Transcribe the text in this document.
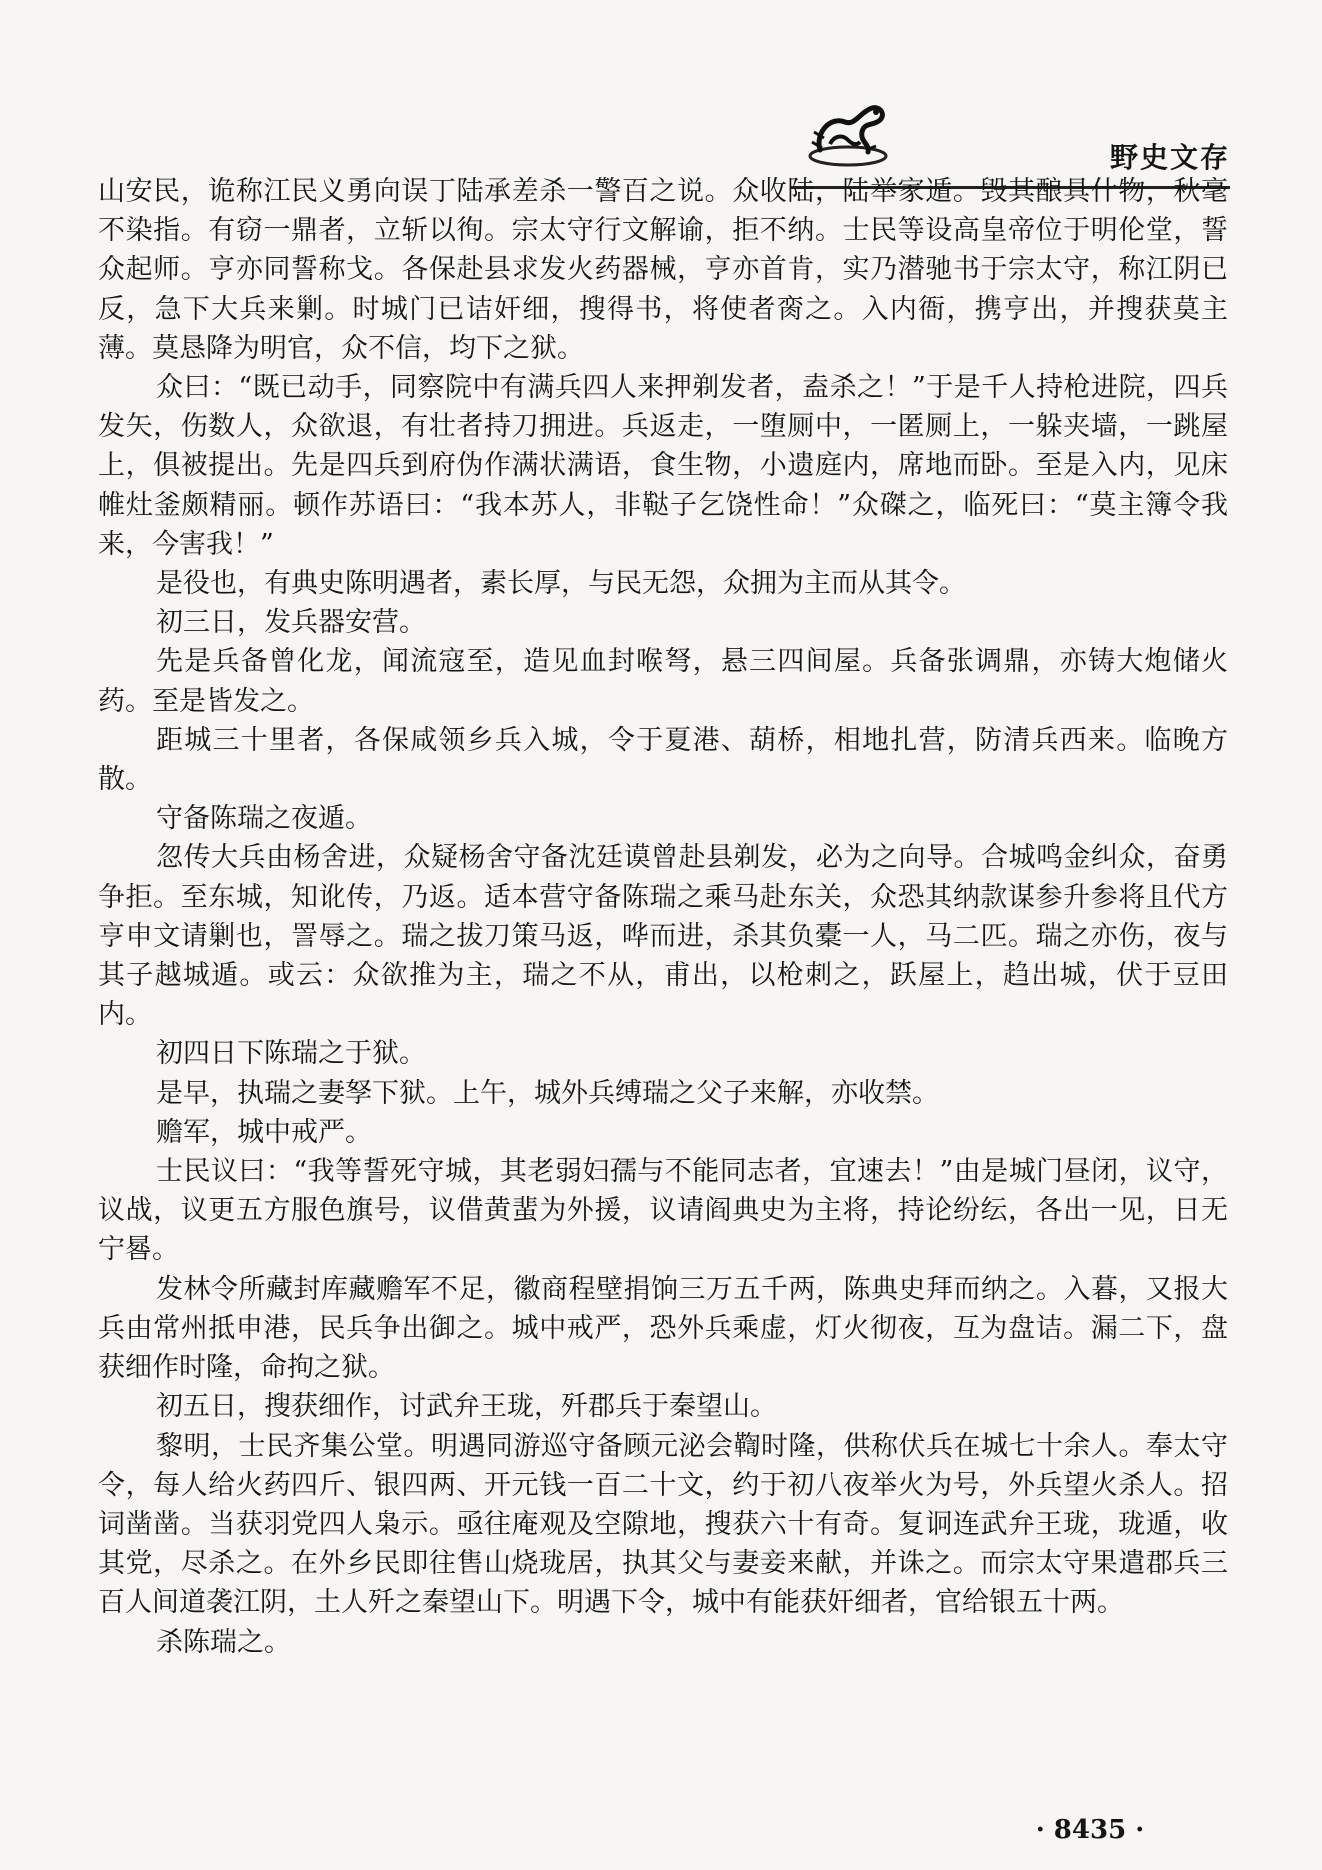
野史文存

山安民，诡称江民义勇向误丁陆承差杀一警百之说。众收陆，陆举家遁。毁其酿具什物，秋毫不染指。有窃一鼎者，立斩以徇。宗太守行文解谕，拒不纳。士民等设高皇帝位于明伦堂，誓众起师。亨亦同誓称戈。各保赴县求发火药器械，亨亦首肯，实乃潜驰书于宗太守，称江阴已反，急下大兵来剿。时城门已诘奸细，搜得书，将使者脔之。入内衙，携亨出，并搜获莫主薄。莫恳降为明官，众不信，均下之狱。

众曰：“既已动手，同察院中有满兵四人来押剃发者，盍杀之！”于是千人持枪进院，四兵发矢，伤数人，众欲退，有壮者持刀拥进。兵返走，一堕厕中，一匿厕上，一躲夹墙，一跳屋上，俱被提出。先是四兵到府伪作满状满语，食生物，小遗庭内，席地而卧。至是入内，见床帷灶釜颇精丽。顿作苏语曰：“我本苏人，非鞑子乞饶性命！”众磔之，临死曰：“莫主簿令我来，今害我！”

是役也，有典史陈明遇者，素长厚，与民无怨，众拥为主而从其令。

初三日，发兵器安营。

先是兵备曾化龙，闻流寇至，造见血封喉弩，悬三四间屋。兵备张调鼎，亦铸大炮储火药。至是皆发之。

距城三十里者，各保咸领乡兵入城，令于夏港、葫桥，相地扎营，防清兵西来。临晚方散。

守备陈瑞之夜遁。

忽传大兵由杨舍进，众疑杨舍守备沈廷谟曾赴县剃发，必为之向导。合城鸣金纠众，奋勇争拒。至东城，知讹传，乃返。适本营守备陈瑞之乘马赴东关，众恐其纳款谋参升参将且代方亨申文请剿也，詈辱之。瑞之拔刀策马返，哗而进，杀其负橐一人，马二匹。瑞之亦伤，夜与其子越城遁。或云：众欲推为主，瑞之不从，甫出，以枪刺之，跃屋上，趋出城，伏于豆田内。

初四日下陈瑞之于狱。

是早，执瑞之妻孥下狱。上午，城外兵缚瑞之父子来解，亦收禁。

赡军，城中戒严。

士民议曰：“我等誓死守城，其老弱妇孺与不能同志者，宜速去！”由是城门昼闭，议守，议战，议更五方服色旗号，议借黄蜚为外援，议请阎典史为主将，持论纷纭，各出一见，日无宁晷。

发林令所藏封库藏赡军不足，徽商程壁捐饷三万五千两，陈典史拜而纳之。入暮，又报大兵由常州抵申港，民兵争出御之。城中戒严，恐外兵乘虚，灯火彻夜，互为盘诘。漏二下，盘获细作时隆，命拘之狱。

初五日，搜获细作，讨武弁王珑，歼郡兵于秦望山。

黎明，士民齐集公堂。明遇同游巡守备顾元泌会鞫时隆，供称伏兵在城七十余人。奉太守令，每人给火药四斤、银四两、开元钱一百二十文，约于初八夜举火为号，外兵望火杀人。招词凿凿。当获羽党四人枭示。亟往庵观及空隙地，搜获六十有奇。复诇连武弁王珑，珑遁，收其党，尽杀之。在外乡民即往售山烧珑居，执其父与妻妾来献，并诛之。而宗太守果遣郡兵三百人间道袭江阴，土人歼之秦望山下。明遇下令，城中有能获奸细者，官给银五十两。

杀陈瑞之。

· 8435 ·
